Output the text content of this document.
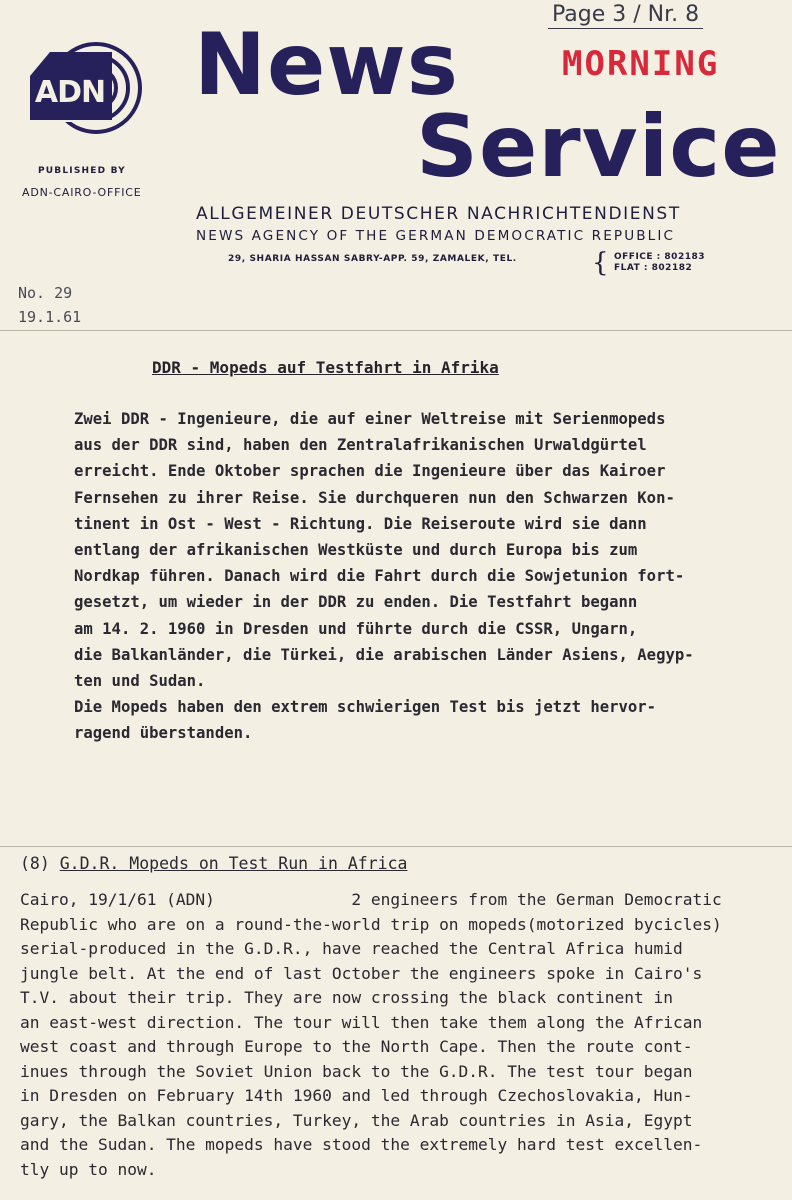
ADN
PUBLISHED BY
ADN-CAIRO-OFFICE
Page 3 / Nr. 8
News	MORNING
Service
ALLGEMEINER DEUTSCHER NACHRICHTENDIENST
NEWS AGENCY OF THE GERMAN DEMOCRATIC REPUBLIC
29, SHARIA HASSAN SABRY-APP. 59, ZAMALEK, TEL.	{ OFFICE : 802183
FLAT : 802182
No. 29
19.1.61
DDR - Mopeds auf Testfahrt in Afrika
Zwei DDR - Ingenieure, die auf einer Weltreise mit Serienmopeds
aus der DDR sind, haben den Zentralafrikanischen Urwaldgürtel
erreicht. Ende Oktober sprachen die Ingenieure über das Kairoer
Fernsehen zu ihrer Reise. Sie durchqueren nun den Schwarzen Kon-
tinent in Ost - West - Richtung. Die Reiseroute wird sie dann
entlang der afrikanischen Westküste und durch Europa bis zum
Nordkap führen. Danach wird die Fahrt durch die Sowjetunion fort-
gesetzt, um wieder in der DDR zu enden. Die Testfahrt begann
am 14. 2. 1960 in Dresden und führte durch die CSSR, Ungarn,
die Balkanländer, die Türkei, die arabischen Länder Asiens, Aegyp-
ten und Sudan.
Die Mopeds haben den extrem schwierigen Test bis jetzt hervor-
ragend überstanden.
(8) G.D.R. Mopeds on Test Run in Africa
Cairo, 19/1/61 (ADN)              2 engineers from the German Democratic
Republic who are on a round-the-world trip on mopeds(motorized bycicles)
serial-produced in the G.D.R., have reached the Central Africa humid
jungle belt. At the end of last October the engineers spoke in Cairo's
T.V. about their trip. They are now crossing the black continent in
an east-west direction. The tour will then take them along the African
west coast and through Europe to the North Cape. Then the route cont-
inues through the Soviet Union back to the G.D.R. The test tour began
in Dresden on February 14th 1960 and led through Czechoslovakia, Hun-
gary, the Balkan countries, Turkey, the Arab countries in Asia, Egypt
and the Sudan. The mopeds have stood the extremely hard test excellen-
tly up to now.
